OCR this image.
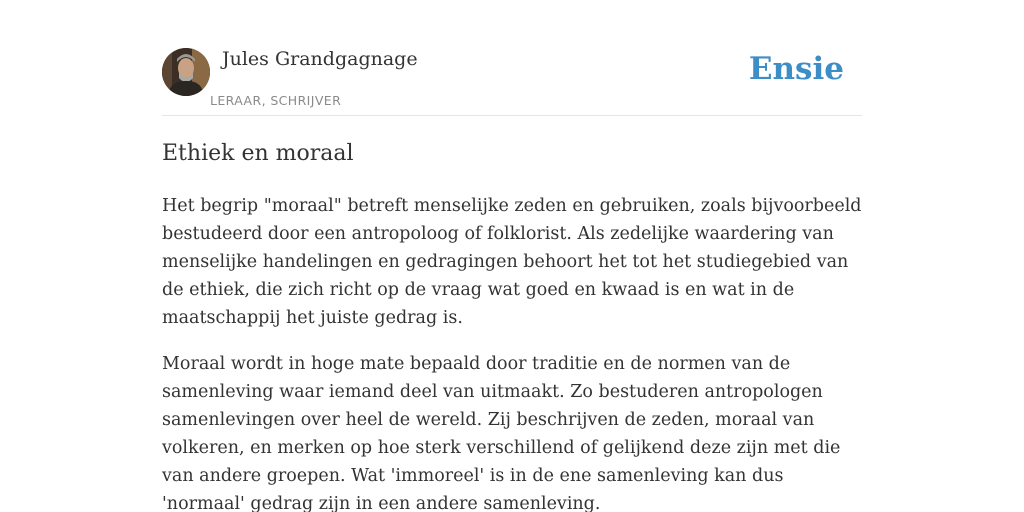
Jules Grandgagnage
LERAAR, SCHRIJVER
Ensie
Ethiek en moraal

Het begrip "moraal" betreft menselijke zeden en gebruiken, zoals bijvoorbeeld bestudeerd door een antropoloog of folklorist. Als zedelijke waardering van menselijke handelingen en gedragingen behoort het tot het studiegebied van de ethiek, die zich richt op de vraag wat goed en kwaad is en wat in de maatschappij het juiste gedrag is.

Moraal wordt in hoge mate bepaald door traditie en de normen van de samenleving waar iemand deel van uitmaakt. Zo bestuderen antropologen samenlevingen over heel de wereld. Zij beschrijven de zeden, moraal van volkeren, en merken op hoe sterk verschillend of gelijkend deze zijn met die van andere groepen. Wat 'immoreel' is in de ene samenleving kan dus 'normaal' gedrag zijn in een andere samenleving.
